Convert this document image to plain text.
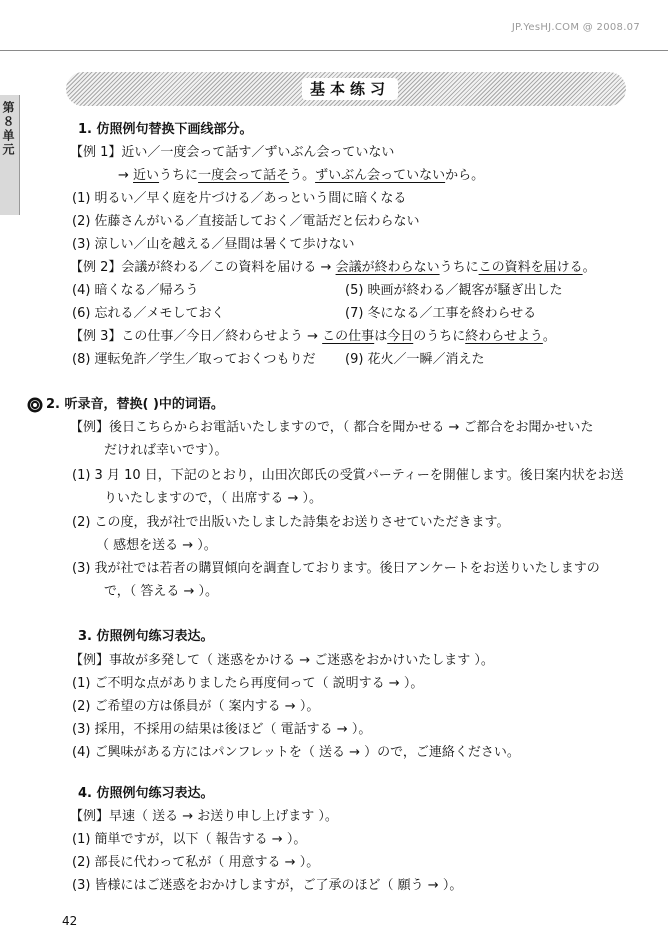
JP.YesHJ.COM @ 2008.07
基本练习
第８单元	1. 仿照例句替换下画线部分。
【例 1】近い／一度会って話す／ずいぶん会っていない
→ 近いうちに一度会って話そう。ずいぶん会っていないから。
(1) 明るい／早く庭を片づける／あっという間に暗くなる
(2) 佐藤さんがいる／直接話しておく／電話だと伝わらない
(3) 涼しい／山を越える／昼間は暑くて歩けない
【例 2】会議が終わる／この資料を届ける → 会議が終わらないうちにこの資料を届ける。
(4) 暗くなる／帰ろう	(5) 映画が終わる／観客が騒ぎ出した
(6) 忘れる／メモしておく	(7) 冬になる／工事を終わらせる
【例 3】この仕事／今日／終わらせよう → この仕事は今日のうちに終わらせよう。
(8) 運転免許／学生／取っておくつもりだ (9) 花火／一瞬／消えた
2. 听录音，替换( )中的词语。
【例】後日こちらからお電話いたしますので，（ 都合を聞かせる → ご都合をお聞かせいた
だければ幸いです）。
(1) 3 月 10 日，下記のとおり，山田次郎氏の受賞パーティーを開催します。後日案内状をお送
りいたしますので，（ 出席する → ）。
(2) この度，我が社で出版いたしました詩集をお送りさせていただきます。
（ 感想を送る → ）。
(3) 我が社では若者の購買傾向を調査しております。後日アンケートをお送りいたしますの
で，（ 答える → ）。
3. 仿照例句练习表达。
【例】事故が多発して（ 迷惑をかける → ご迷惑をおかけいたします ）。
(1) ご不明な点がありましたら再度伺って（ 説明する → ）。
(2) ご希望の方は係員が（ 案内する → ）。
(3) 採用，不採用の結果は後ほど（ 電話する → ）。
(4) ご興味がある方にはパンフレットを（ 送る → ）ので，ご連絡ください。
4. 仿照例句练习表达。
【例】早速（ 送る → お送り申し上げます ）。
(1) 簡単ですが，以下（ 報告する → ）。
(2) 部長に代わって私が（ 用意する → ）。
(3) 皆様にはご迷惑をおかけしますが，ご了承のほど（ 願う → ）。
42
